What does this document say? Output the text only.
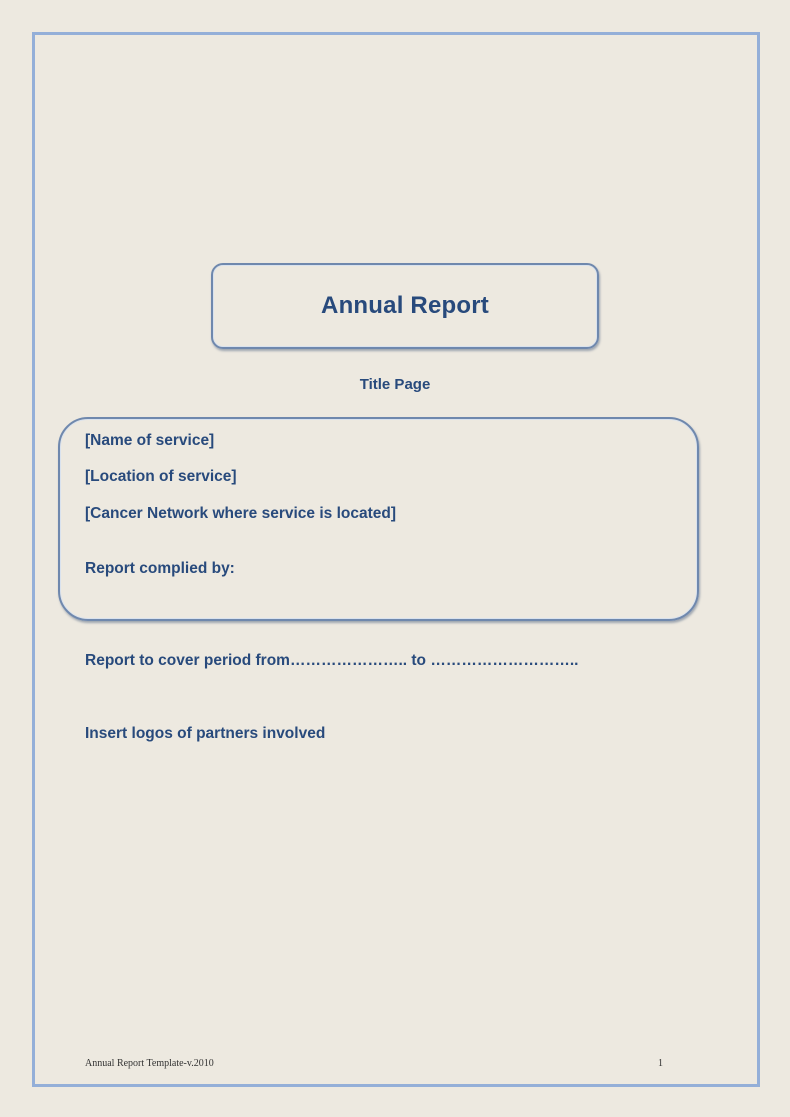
Annual Report
Title Page
[Name of service]
[Location of service]
[Cancer Network where service is located]
Report complied by:
Report to cover period from………………….. to ………………………..
Insert logos of partners involved
Annual Report Template-v.2010	1
